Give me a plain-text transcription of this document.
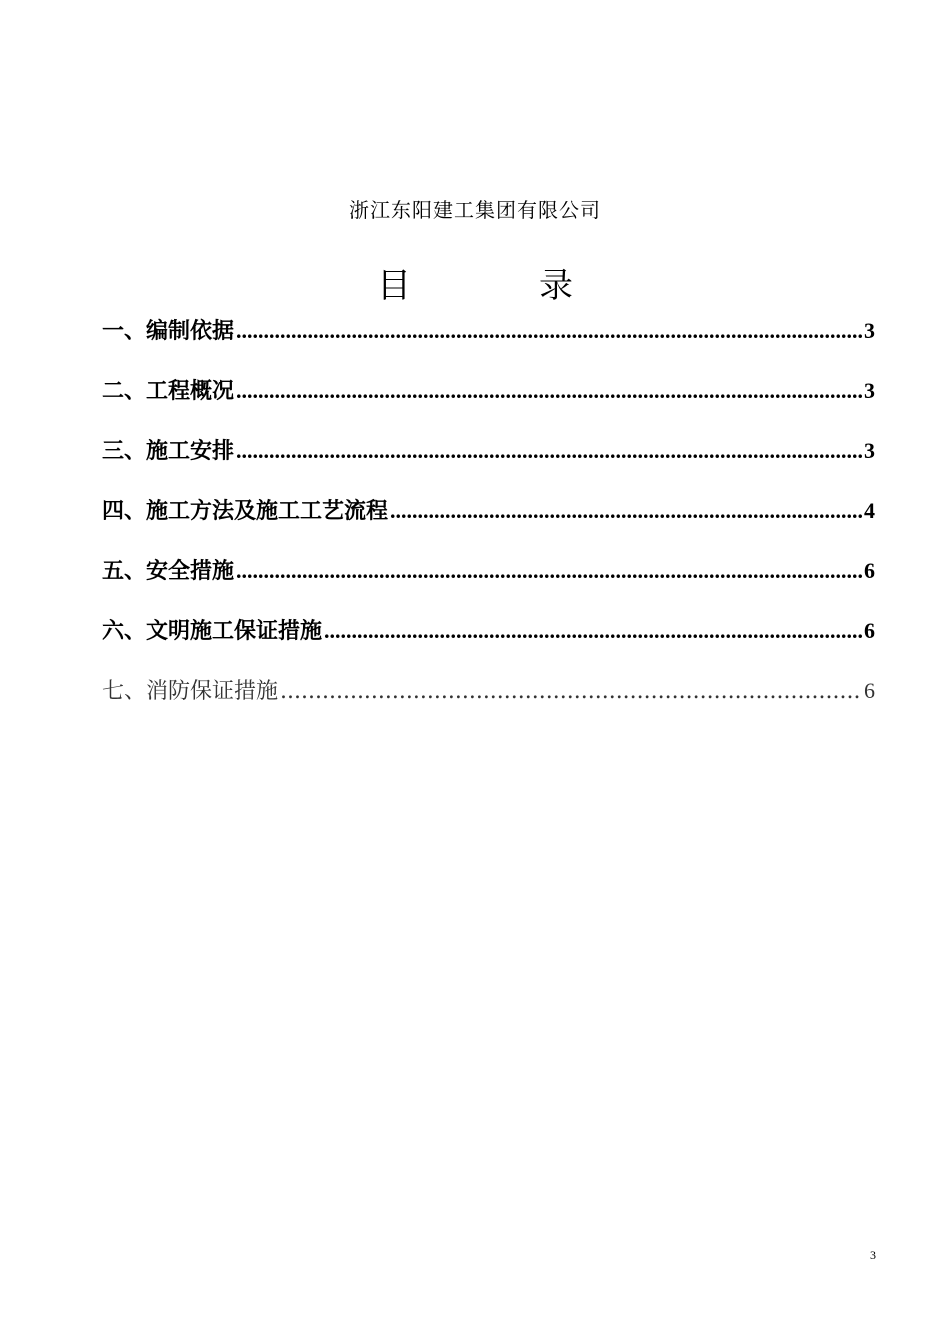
浙江东阳建工集团有限公司
目	录
一、编制依据 .....	3
二、工程概况 .....	3
三、施工安排 .....	3
四、施工方法及施工工艺流程 .....	4
五、安全措施 .....	6
六、文明施工保证措施 .....	6
七、消防保证措施 .....	6
3
